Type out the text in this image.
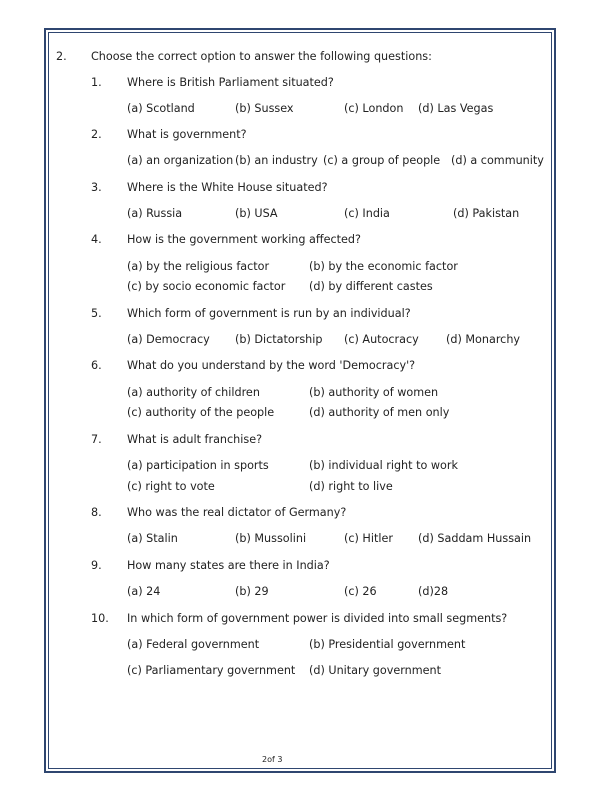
2. Choose the correct option to answer the following questions:
1. Where is British Parliament situated?
(a) Scotland	(b) Sussex	(c) London (d) Las Vegas
2. What is government?
(a) an organization (b) an industry (c) a group of people (d) a community
3. Where is the White House situated?
(a) Russia	(b) USA	(c) India	(d) Pakistan
4. How is the government working affected?
(a) by the religious factor	(b) by the economic factor
(c) by socio economic factor (d) by different castes
5. Which form of government is run by an individual?
(a) Democracy (b) Dictatorship (c) Autocracy (d) Monarchy
6. What do you understand by the word 'Democracy'?
(a) authority of children	(b) authority of women
(c) authority of the people	(d) authority of men only
7. What is adult franchise?
(a) participation in sports	(b) individual right to work
(c) right to vote	(d) right to live
8. Who was the real dictator of Germany?
(a) Stalin	(b) Mussolini	(c) Hitler (d) Saddam Hussain
9. How many states are there in India?
(a) 24	(b) 29	(c) 26	(d)28
10. In which form of government power is divided into small segments?
(a) Federal government	(b) Presidential government
(c) Parliamentary government (d) Unitary government
2of 3
